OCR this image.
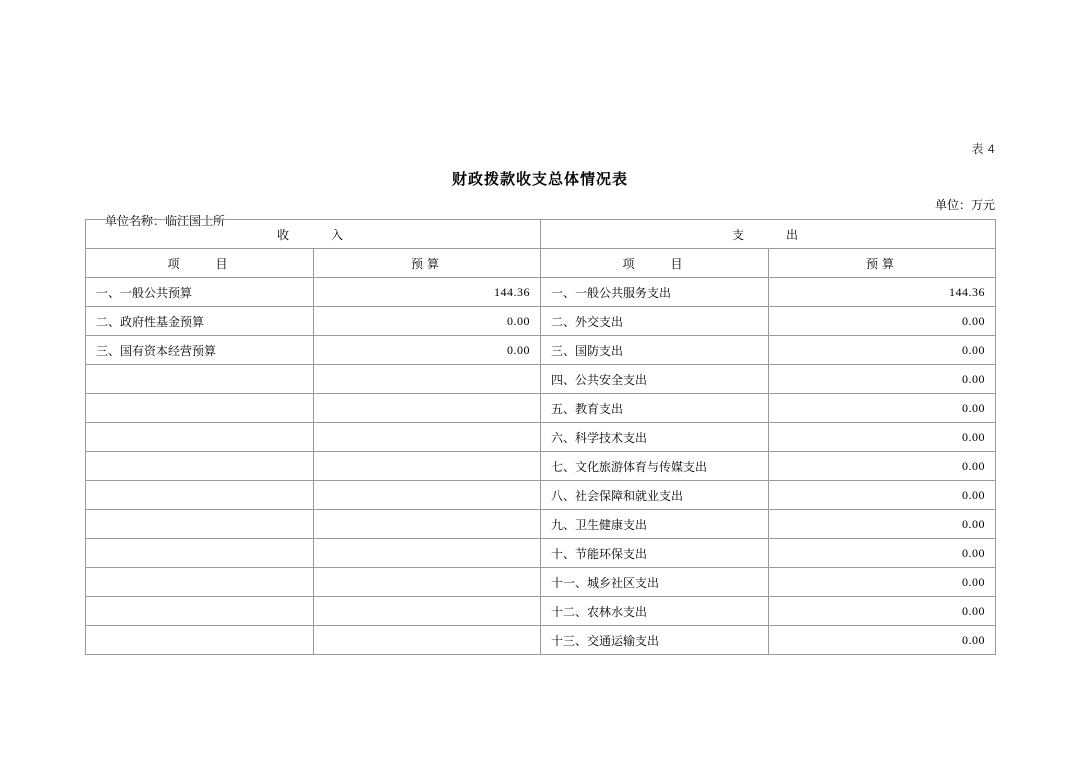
表 4
财政拨款收支总体情况表

单位名称：临江国土所

单位：万元
收　　入		支　　出	
项　　目	预算	项　　目	预算
一、一般公共预算	144.36	一、一般公共服务支出	144.36
二、政府性基金预算	0.00	二、外交支出	0.00
三、国有资本经营预算	0.00	三、国防支出	0.00
		四、公共安全支出	0.00
		五、教育支出	0.00
		六、科学技术支出	0.00
		七、文化旅游体育与传媒支出	0.00
		八、社会保障和就业支出	0.00
		九、卫生健康支出	0.00
		十、节能环保支出	0.00
		十一、城乡社区支出	0.00
		十二、农林水支出	0.00
		十三、交通运输支出	0.00
